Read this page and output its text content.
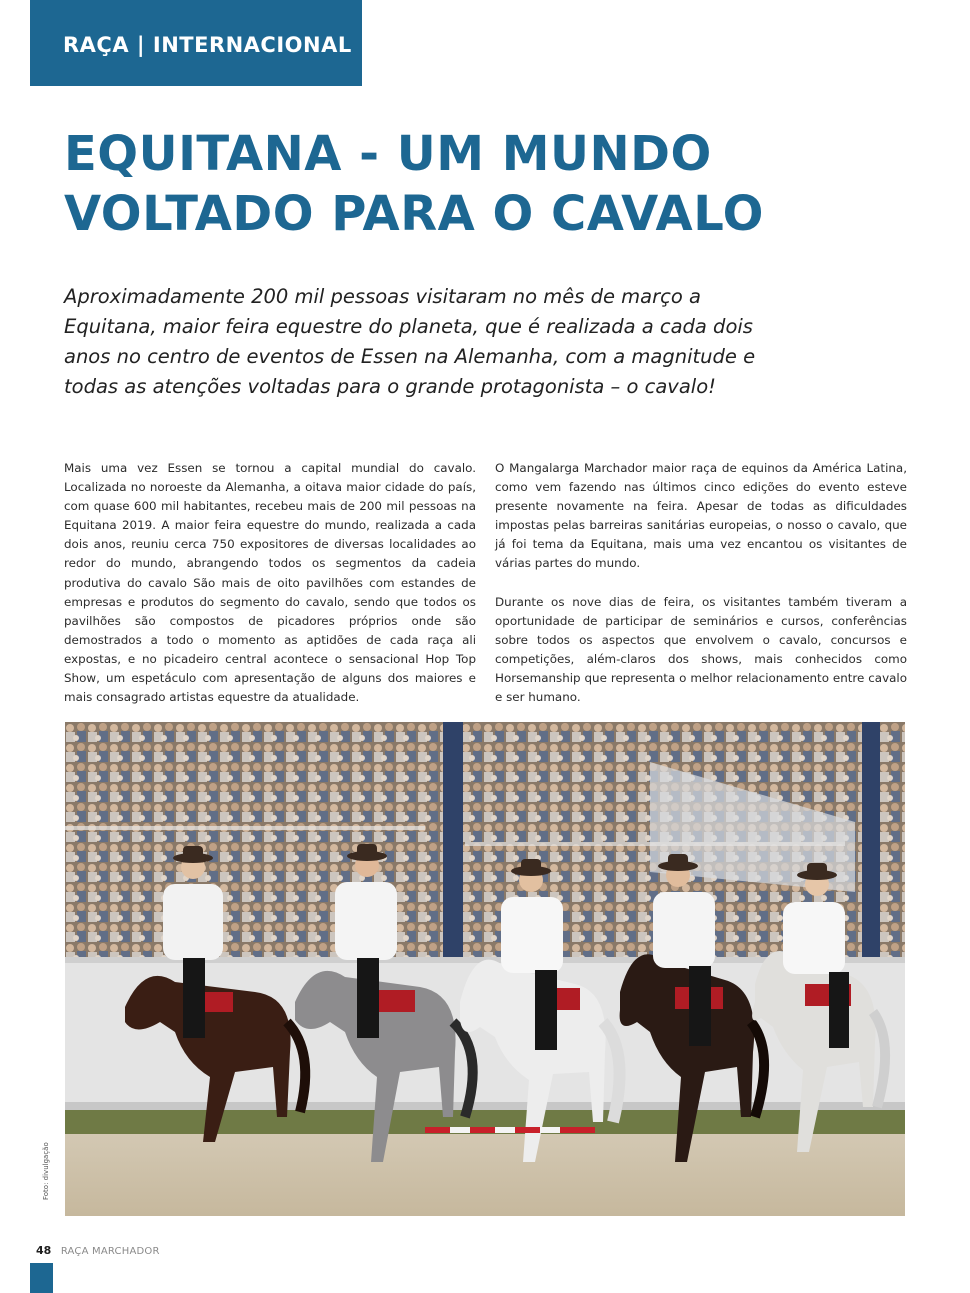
RAÇA | INTERNACIONAL
EQUITANA - UM MUNDO
VOLTADO PARA O CAVALO
Aproximadamente 200 mil pessoas visitaram no mês de março a
Equitana, maior feira equestre do planeta, que é realizada a cada dois
anos no centro de eventos de Essen na Alemanha, com a magnitude e
todas as atenções voltadas para o grande protagonista – o cavalo!

Mais uma vez Essen se tornou a capital mundial do cavalo. Localizada no noroeste da Alemanha, a oitava maior cidade do país, com quase 600 mil habitantes, recebeu mais de 200 mil pessoas na Equitana 2019. A maior feira equestre do mundo, realizada a cada dois anos, reuniu cerca 750 expositores de diversas localidades ao redor do mundo, abrangendo todos os segmentos da cadeia produtiva do cavalo São mais de oito pavilhões com estandes de empresas e produtos do segmento do cavalo, sendo que todos os pavilhões são compostos de picadores próprios onde são demostrados a todo o momento as aptidões de cada raça ali expostas, e no picadeiro central acontece o sensacional Hop Top Show, um espetáculo com apresentação de alguns dos maiores e mais consagrado artistas equestre da atualidade.

O Mangalarga Marchador maior raça de equinos da América Latina, como vem fazendo nas últimos cinco edições do evento esteve presente novamente na feira. Apesar de todas as dificuldades impostas pelas barreiras sanitárias europeias, o nosso o cavalo, que já foi tema da Equitana, mais uma vez encantou os visitantes de várias partes do mundo.

Durante os nove dias de feira, os visitantes também tiveram a oportunidade de participar de seminários e cursos, conferências sobre todos os aspectos que envolvem o cavalo, concursos e competições, além-claros dos shows, mais conhecidos como Horsemanship que representa o melhor relacionamento entre cavalo e ser humano.

Foto: divulgação
48 RAÇA MARCHADOR
